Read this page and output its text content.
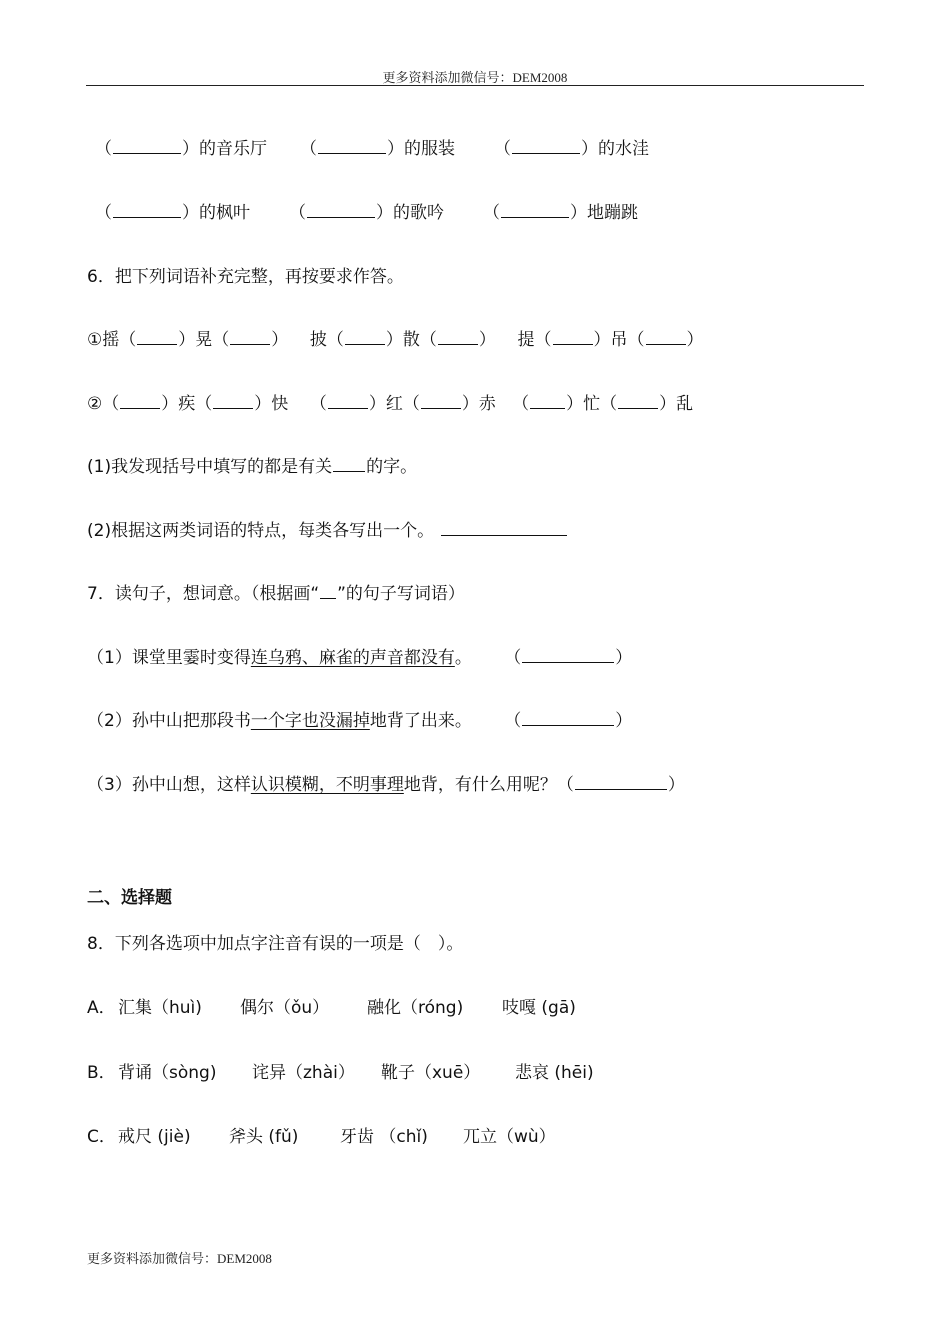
更多资料添加微信号：DEM2008
（	）的音乐厅 （	）的服装 （	）的水洼
（	）的枫叶 （	）的歌吟 （	）地蹦跳
6．把下列词语补充完整，再按要求作答。
①摇（ ）晃（ ）    披（ ）散（ ）    提（ ）吊（ ）
②（ ）疾（ ）快    （ ）红（ ）赤   （ ）忙（ ）乱
(1)我发现括号中填写的都是有关 的字。
(2)根据这两类词语的特点，每类各写出一个。
7．读句子，想词意。（根据画“ ”的句子写词语）
（1）课堂里霎时变得连乌鸦、麻雀的声音都没有。      （	）
（2）孙中山把那段书一个字也没漏掉地背了出来。      （	）
（3）孙中山想，这样认识模糊，不明事理地背，有什么用呢？（	）
二、选择题
8．下列各选项中加点字注音有误的一项是（　）。
A． 汇集（huì) 偶尔（ǒu） 融化（róng) 吱嘎 (gā)
B． 背诵（sòng) 诧异（zhài） 靴子（xuē） 悲哀 (hēi)
C． 戒尺 (jiè) 斧头 (fǔ) 牙齿 （chǐ) 兀立（wù）
更多资料添加微信号：DEM2008
